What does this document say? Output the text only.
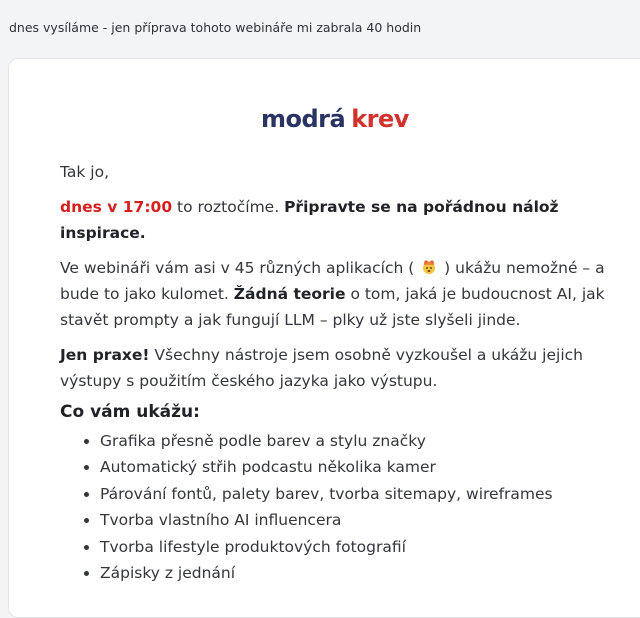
dnes vysíláme - jen příprava tohoto webináře mi zabrala 40 hodin
modrá krev

Tak jo,

dnes v 17:00 to roztočíme. Připravte se na pořádnou nálož inspirace.

Ve webináři vám asi v 45 různých aplikacích (  ) ukážu nemožné – a bude to jako kulomet. Žádná teorie o tom, jaká je budoucnost AI, jak stavět prompty a jak fungují LLM – plky už jste slyšeli jinde.

Jen praxe! Všechny nástroje jsem osobně vyzkoušel a ukážu jejich výstupy s použitím českého jazyka jako výstupu.

Co vám ukážu:
• Grafika přesně podle barev a stylu značky
• Automatický střih podcastu několika kamer
• Párování fontů, palety barev, tvorba sitemapy, wireframes
• Tvorba vlastního AI influencera
• Tvorba lifestyle produktových fotografií
• Zápisky z jednání
